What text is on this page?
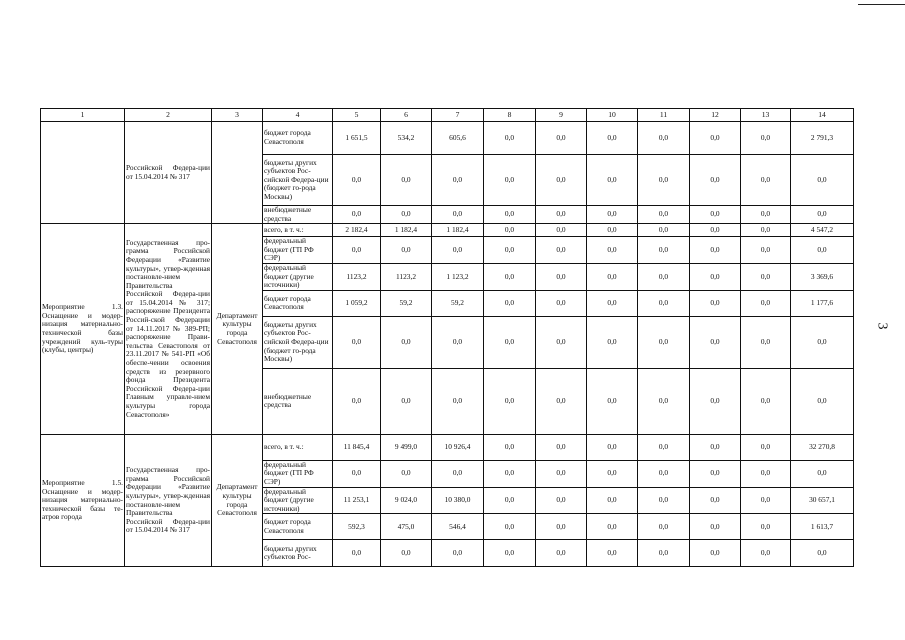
3
1	2	3	4	5	6	7	8	9	10	11	12	13	14
	Российской Федера-ции от 15.04.2014 № 317		бюджет города Севастополя	1 651,5	534,2	605,6	0,0	0,0	0,0	0,0	0,0	0,0	2 791,3
			бюджеты других субъектов Рос-сийской Федера-ции (бюджет го-рода Москвы)	0,0	0,0	0,0	0,0	0,0	0,0	0,0	0,0	0,0	0,0
			внебюджетные средства	0,0	0,0	0,0	0,0	0,0	0,0	0,0	0,0	0,0	0,0
Мероприятие 1.3. Оснащение и модер-низация материально-технической базы учреждений куль-туры (клубы, центры)	Государственная про-грамма Российской Федерации «Развитие культуры», утвер-жденная постановле-нием Правительства Российской Федера-ции от 15.04.2014 № 317; распоряжение Президента Россий-ской Федерации от 14.11.2017 № 389-РП; распоряжение Прави-тельства Севастополя от 23.11.2017 № 541-РП «Об обеспе-чении освоения средств из резервного фонда Президента Российской Федера-ции Главным управле-нием культуры города Севастополя»	Департамент культуры города Севастополя	всего, в т. ч.:	2 182,4	1 182,4	1 182,4	0,0	0,0	0,0	0,0	0,0	0,0	4 547,2
			федеральный бюджет (ГП РФ СЭР)	0,0	0,0	0,0	0,0	0,0	0,0	0,0	0,0	0,0	0,0
			федеральный бюджет (другие источники)	1123,2	1123,2	1 123,2	0,0	0,0	0,0	0,0	0,0	0,0	3 369,6
			бюджет города Севастополя	1 059,2	59,2	59,2	0,0	0,0	0,0	0,0	0,0	0,0	1 177,6
			бюджеты других субъектов Рос-сийской Федера-ции (бюджет го-рода Москвы)	0,0	0,0	0,0	0,0	0,0	0,0	0,0	0,0	0,0	0,0
			внебюджетные средства	0,0	0,0	0,0	0,0	0,0	0,0	0,0	0,0	0,0	0,0
Мероприятие 1.5. Оснащение и модер-низация материально-технической базы те-атров города	Государственная про-грамма Российской Федерации «Развитие культуры», утвер-жденная постановле-нием Правительства Российской Федера-ции от 15.04.2014 № 317	Департамент культуры города Севастополя	всего, в т. ч.:	11 845,4	9 499,0	10 926,4	0,0	0,0	0,0	0,0	0,0	0,0	32 270,8
			федеральный бюджет (ГП РФ СЭР)	0,0	0,0	0,0	0,0	0,0	0,0	0,0	0,0	0,0	0,0
			федеральный бюджет (другие источники)	11 253,1	9 024,0	10 380,0	0,0	0,0	0,0	0,0	0,0	0,0	30 657,1
			бюджет города Севастополя	592,3	475,0	546,4	0,0	0,0	0,0	0,0	0,0	0,0	1 613,7
			бюджеты других субъектов Рос-	0,0	0,0	0,0	0,0	0,0	0,0	0,0	0,0	0,0	0,0
